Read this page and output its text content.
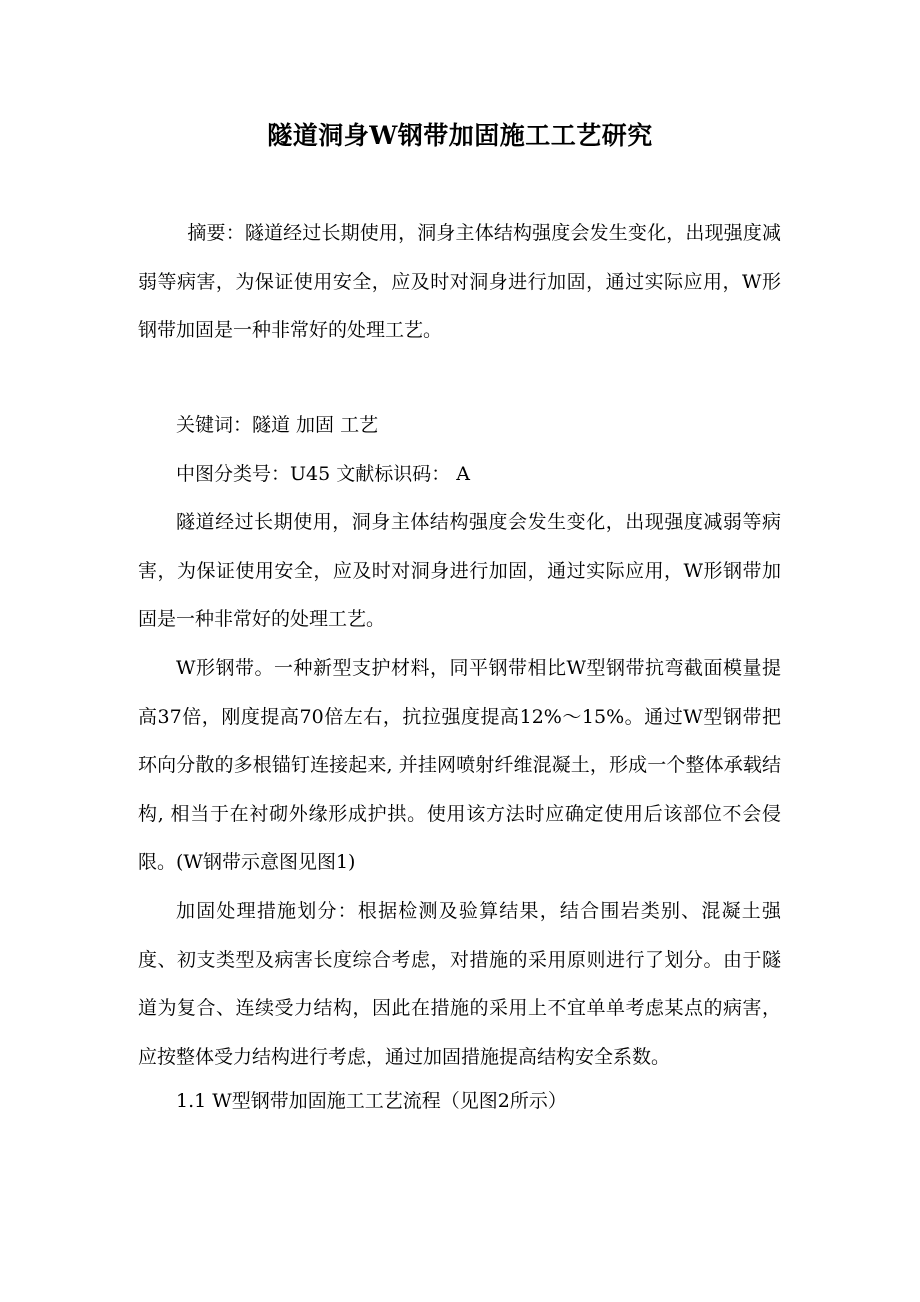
隧道洞身W钢带加固施工工艺研究

摘要：隧道经过长期使用，洞身主体结构强度会发生变化，出现强度减弱等病害，为保证使用安全，应及时对洞身进行加固，通过实际应用，W形钢带加固是一种非常好的处理工艺。

关键词：隧道 加固 工艺

中图分类号：U45 文献标识码： A

隧道经过长期使用，洞身主体结构强度会发生变化，出现强度减弱等病害，为保证使用安全，应及时对洞身进行加固，通过实际应用，W形钢带加固是一种非常好的处理工艺。

W形钢带。一种新型支护材料，同平钢带相比W型钢带抗弯截面模量提高37倍，刚度提高70倍左右，抗拉强度提高12%～15%。通过W型钢带把环向分散的多根锚钉连接起来, 并挂网喷射纤维混凝土，形成一个整体承载结构, 相当于在衬砌外缘形成护拱。使用该方法时应确定使用后该部位不会侵限。(W钢带示意图见图1)

加固处理措施划分：根据检测及验算结果，结合围岩类别、混凝土强度、初支类型及病害长度综合考虑，对措施的采用原则进行了划分。由于隧道为复合、连续受力结构，因此在措施的采用上不宜单单考虑某点的病害，应按整体受力结构进行考虑，通过加固措施提高结构安全系数。

1.1 W型钢带加固施工工艺流程（见图2所示）
